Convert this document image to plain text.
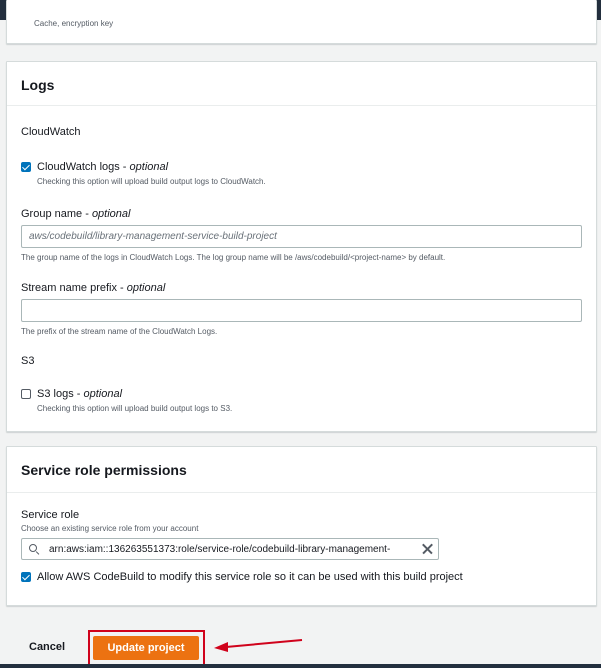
Search
Cache, encryption key
Logs
CloudWatch
CloudWatch logs - optional
Checking this option will upload build output logs to CloudWatch.
Group name - optional
aws/codebuild/library-management-service-build-project
The group name of the logs in CloudWatch Logs. The log group name will be /aws/codebuild/<project-name> by default.
Stream name prefix - optional
The prefix of the stream name of the CloudWatch Logs.
S3
S3 logs - optional
Checking this option will upload build output logs to S3.
Service role permissions
Service role
Choose an existing service role from your account
arn:aws:iam::136263551373:role/service-role/codebuild-library-management-
Allow AWS CodeBuild to modify this service role so it can be used with this build project
Cancel	Update project
